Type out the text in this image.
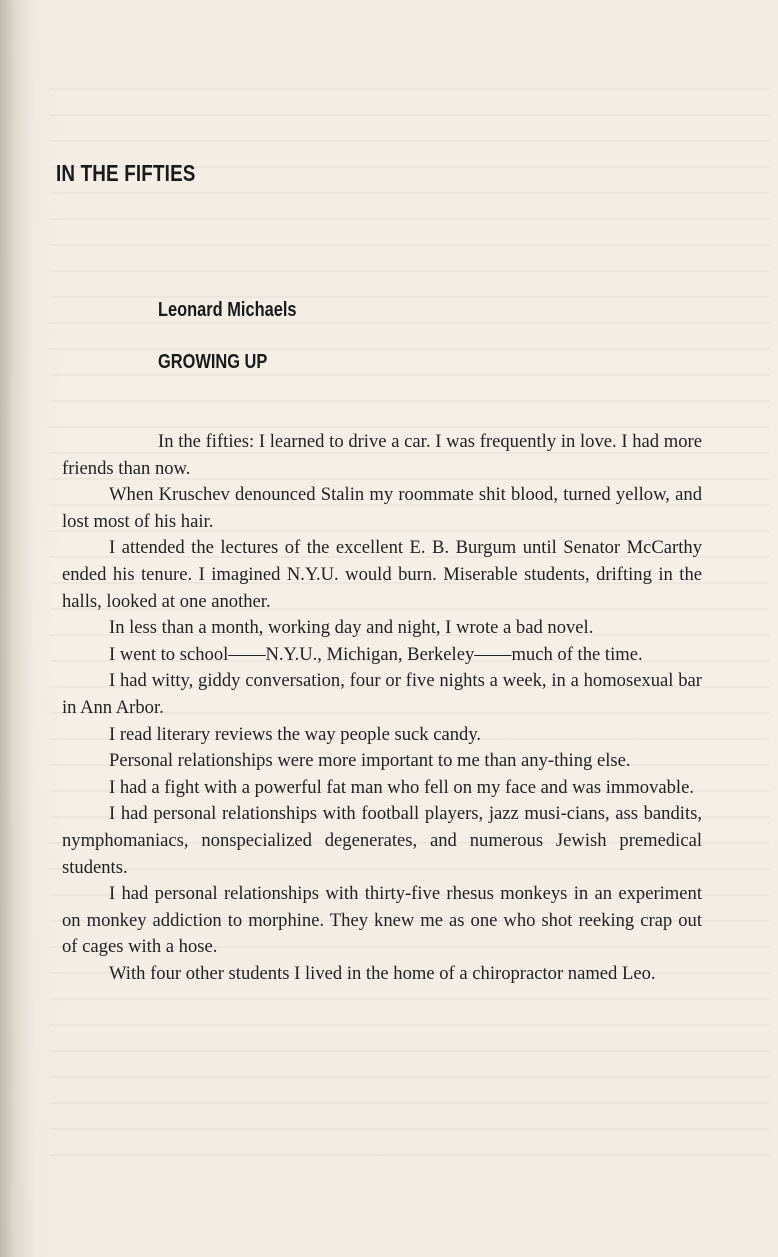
IN THE FIFTIES
Leonard Michaels
GROWING UP

In the fifties: I learned to drive a car. I was frequently in love. I had more friends than now.

When Kruschev denounced Stalin my roommate shit blood, turned yellow, and lost most of his hair.

I attended the lectures of the excellent E. B. Burgum until Senator McCarthy ended his tenure. I imagined N.Y.U. would burn. Miserable students, drifting in the halls, looked at one another.

In less than a month, working day and night, I wrote a bad novel.

I went to school——N.Y.U., Michigan, Berkeley——much of the time.

I had witty, giddy conversation, four or five nights a week, in a homosexual bar in Ann Arbor.

I read literary reviews the way people suck candy.

Personal relationships were more important to me than any-thing else.

I had a fight with a powerful fat man who fell on my face and was immovable.

I had personal relationships with football players, jazz musi-cians, ass bandits, nymphomaniacs, nonspecialized degenerates, and numerous Jewish premedical students.

I had personal relationships with thirty-five rhesus monkeys in an experiment on monkey addiction to morphine. They knew me as one who shot reeking crap out of cages with a hose.

With four other students I lived in the home of a chiropractor named Leo.
